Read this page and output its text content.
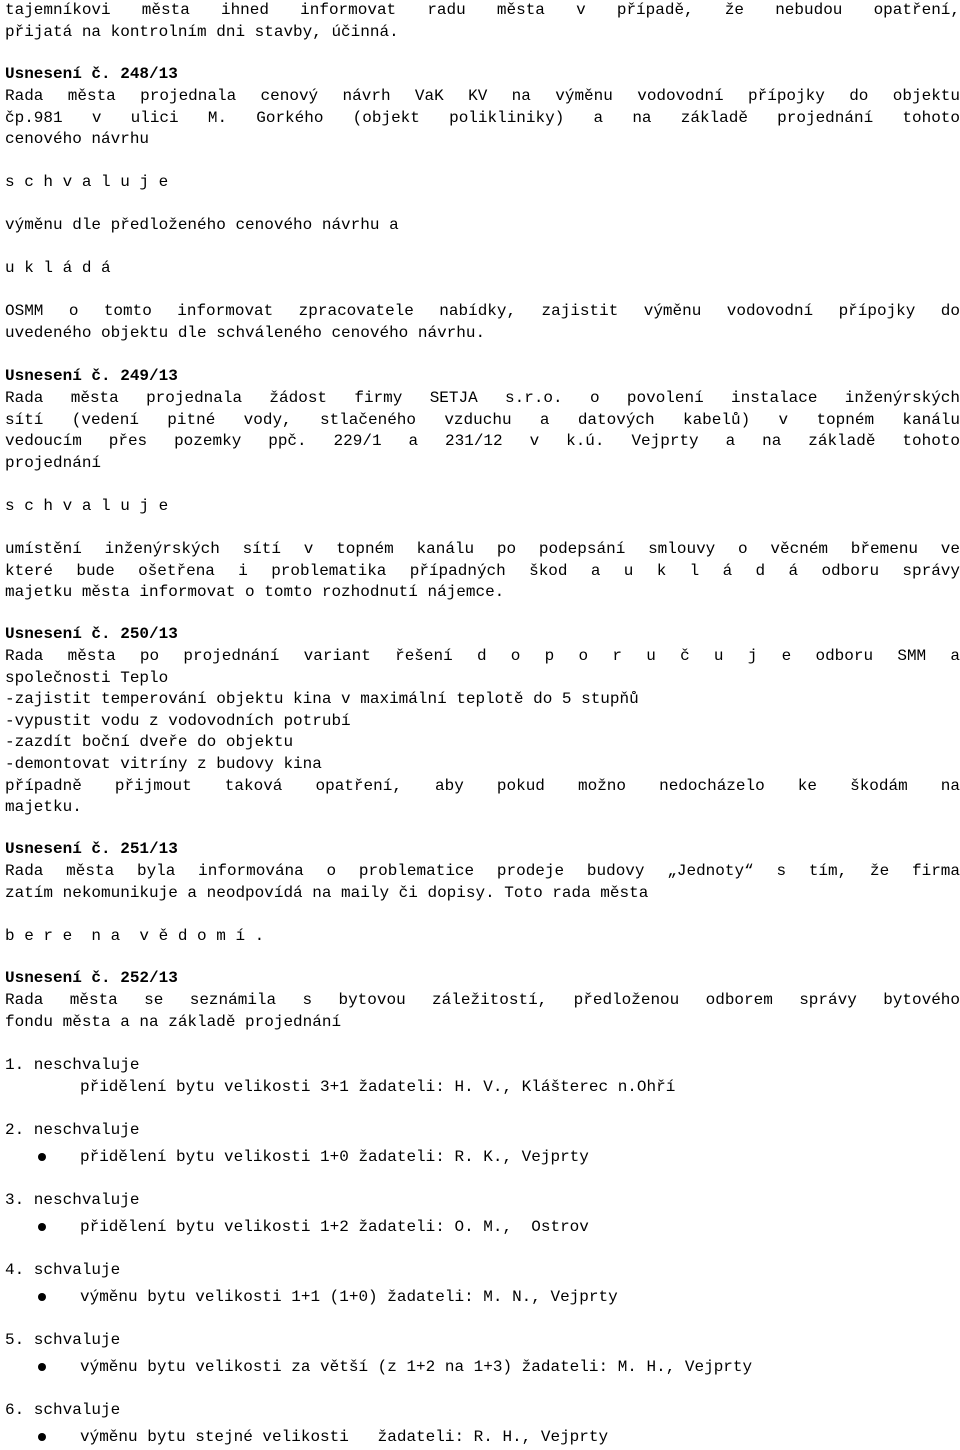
tajemníkovi města ihned informovat radu města v případě, že nebudou opatření,
přijatá na kontrolním dni stavby, účinná.
Usnesení č. 248/13
Rada města projednala cenový návrh VaK KV na výměnu vodovodní přípojky do objektu
čp.981 v ulici M. Gorkého (objekt polikliniky) a na základě projednání tohoto
cenového návrhu
s c h v a l u j e
výměnu dle předloženého cenového návrhu a
u k l á d á
OSMM o tomto informovat zpracovatele nabídky, zajistit výměnu vodovodní přípojky do
uvedeného objektu dle schváleného cenového návrhu.
Usnesení č. 249/13
Rada města projednala žádost firmy SETJA s.r.o. o povolení instalace inženýrských
sítí (vedení pitné vody, stlačeného vzduchu a datových kabelů) v topném kanálu
vedoucím přes pozemky ppč. 229/1 a 231/12 v k.ú. Vejprty a na základě tohoto
projednání
s c h v a l u j e
umístění inženýrských sítí v topném kanálu po podepsání smlouvy o věcném břemenu ve
které bude ošetřena i problematika případných škod a u k l á d á odboru správy
majetku města informovat o tomto rozhodnutí nájemce.
Usnesení č. 250/13
Rada města po projednání variant řešení d o p o r u č u j e odboru SMM a
společnosti Teplo
-zajistit temperování objektu kina v maximální teplotě do 5 stupňů
-vypustit vodu z vodovodních potrubí
-zazdít boční dveře do objektu
-demontovat vitríny z budovy kina
případně přijmout taková opatření, aby pokud možno nedocházelo ke škodám na
majetku.
Usnesení č. 251/13
Rada města byla informována o problematice prodeje budovy „Jednoty“ s tím, že firma
zatím nekomunikuje a neodpovídá na maily či dopisy. Toto rada města
b e r e  n a  v ě d o m í .
Usnesení č. 252/13
Rada města se seznámila s bytovou záležitostí, předloženou odborem správy bytového
fondu města a na základě projednání
1. neschvaluje
přidělení bytu velikosti 3+1 žadateli: H. V., Klášterec n.Ohří
2. neschvaluje
přidělení bytu velikosti 1+0 žadateli: R. K., Vejprty
3. neschvaluje
přidělení bytu velikosti 1+2 žadateli: O. M.,  Ostrov
4. schvaluje
výměnu bytu velikosti 1+1 (1+0) žadateli: M. N., Vejprty
5. schvaluje
výměnu bytu velikosti za větší (z 1+2 na 1+3) žadateli: M. H., Vejprty
6. schvaluje
výměnu bytu stejné velikosti   žadateli: R. H., Vejprty
